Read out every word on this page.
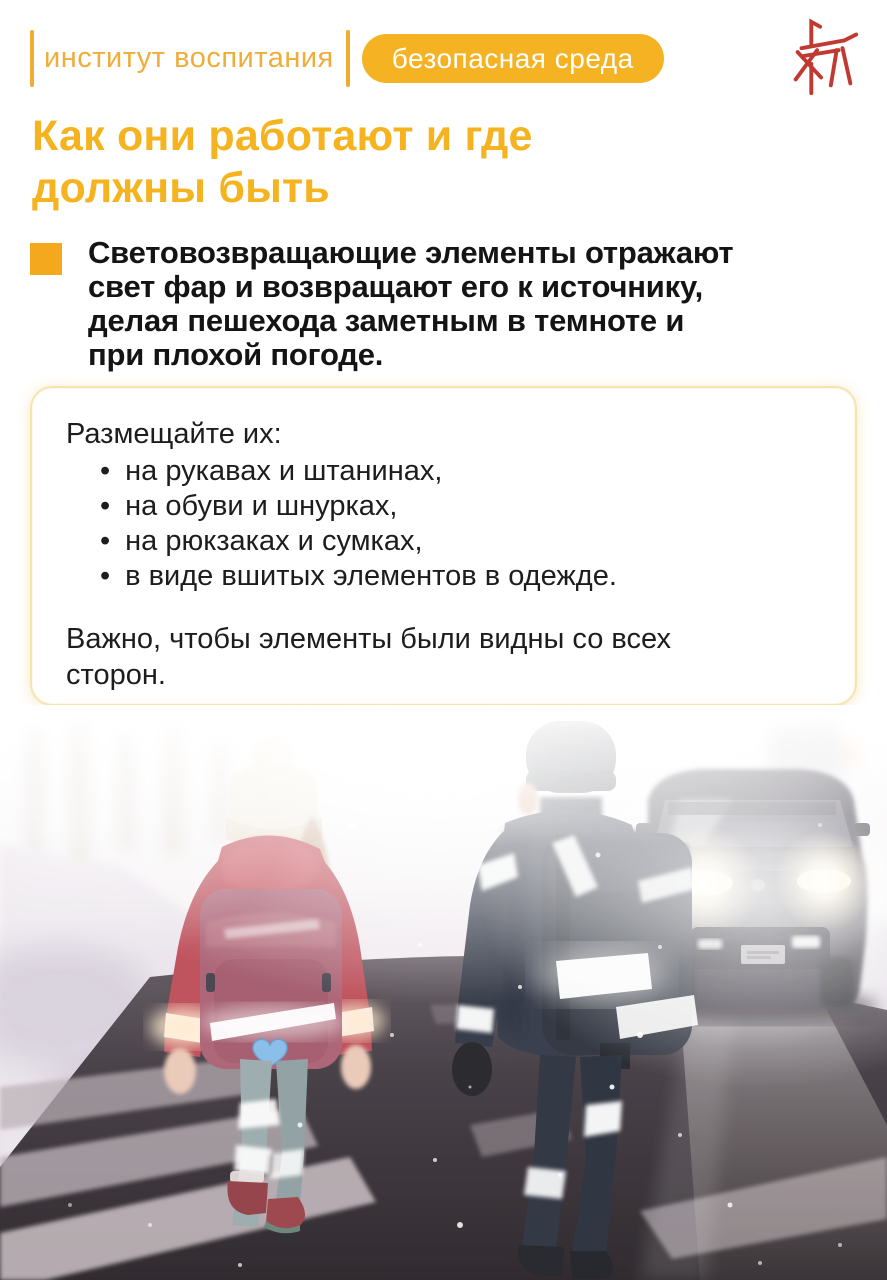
институт воспитания	безопасная среда
Как они работают и где
должны быть
Световозвращающие элементы отражают
свет фар и возвращают его к источнику,
делая пешехода заметным в темноте и
при плохой погоде.
Размещайте их:
• на рукавах и штанинах,
• на обуви и шнурках,
• на рюкзаках и сумках,
• в виде вшитых элементов в одежде.
Важно, чтобы элементы были видны со всех
сторон.
